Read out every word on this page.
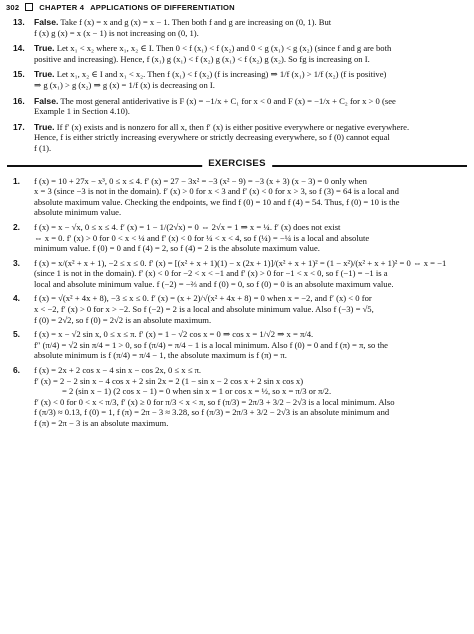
302	CHAPTER 4 APPLICATIONS OF DIFFERENTIATION
13.	False. Take f (x) = x and g (x) = x − 1. Then both f and g are increasing on (0, 1). But
f (x) g (x) = x (x − 1) is not increasing on (0, 1).
14.	True. Let x₁ < x₂ where x₁, x₂ ∈ I. Then 0 < f (x₁) < f (x₂) and 0 < g (x₁) < g (x₂) (since f and g are both
positive and increasing). Hence, f (x₁) g (x₁) < f (x₂) g (x₁) < f (x₂) g (x₂). So fg is increasing on I.
15.	True. Let x₁, x₂ ∈ I and x₁ < x₂. Then f (x₁) < f (x₂) (f is increasing) ⇒ 1/f (x₁) > 1/f (x₂) (f is positive)
⇒ g (x₁) > g (x₂) ⇒ g (x) = 1/f (x) is decreasing on I.
16.	False. The most general antiderivative is F (x) = −1/x + C₁ for x < 0 and F (x) = −1/x + C₂ for x > 0 (see
Example 1 in Section 4.10).
17.	True. If f′ (x) exists and is nonzero for all x, then f′ (x) is either positive everywhere or negative everywhere.
Hence, f is either strictly increasing everywhere or strictly decreasing everywhere, so f (0) cannot equal
f (1).
EXERCISES
1.	f (x) = 10 + 27x − x³, 0 ≤ x ≤ 4. f′ (x) = 27 − 3x² = −3 (x² − 9) = −3 (x + 3) (x − 3) = 0 only when
x = 3 (since −3 is not in the domain). f′ (x) > 0 for x < 3 and f′ (x) < 0 for x > 3, so f (3) = 64 is a local and
absolute maximum value. Checking the endpoints, we find f (0) = 10 and f (4) = 54. Thus, f (0) = 10 is the
absolute minimum value.
2.	f (x) = x − √x, 0 ≤ x ≤ 4. f′ (x) = 1 − 1/(2√x) = 0 ⇔ 2√x = 1 ⇒ x = ¼. f′ (x) does not exist
⇔ x = 0. f′ (x) > 0 for 0 < x < ¼ and f′ (x) < 0 for ¼ < x < 4, so f (¼) = −¼ is a local and absolute
minimum value. f (0) = 0 and f (4) = 2, so f (4) = 2 is the absolute maximum value.
3.	f (x) = x/(x² + x + 1), −2 ≤ x ≤ 0. f′ (x) = [(x² + x + 1)(1) − x (2x + 1)]/(x² + x + 1)² = (1 − x²)/(x² + x + 1)² = 0 ⇔ x = −1
(since 1 is not in the domain). f′ (x) < 0 for −2 < x < −1 and f′ (x) > 0 for −1 < x < 0, so f (−1) = −1 is a
local and absolute minimum value. f (−2) = −⅔ and f (0) = 0, so f (0) = 0 is an absolute maximum value.
4.	f (x) = √(x² + 4x + 8), −3 ≤ x ≤ 0. f′ (x) = (x + 2)/√(x² + 4x + 8) = 0 when x = −2, and f′ (x) < 0 for
x < −2, f′ (x) > 0 for x > −2. So f (−2) = 2 is a local and absolute minimum value. Also f (−3) = √5,
f (0) = 2√2, so f (0) = 2√2 is an absolute maximum.
5.	f (x) = x − √2 sin x, 0 ≤ x ≤ π. f′ (x) = 1 − √2 cos x = 0 ⇒ cos x = 1/√2 ⇒ x = π/4.
f″ (π/4) = √2 sin π/4 = 1 > 0, so f (π/4) = π/4 − 1 is a local minimum. Also f (0) = 0 and f (π) = π, so the
absolute minimum is f (π/4) = π/4 − 1, the absolute maximum is f (π) = π.
6.	f (x) = 2x + 2 cos x − 4 sin x − cos 2x, 0 ≤ x ≤ π.
f′ (x) = 2 − 2 sin x − 4 cos x + 2 sin 2x = 2 (1 − sin x − 2 cos x + 2 sin x cos x)
= 2 (sin x − 1) (2 cos x − 1) = 0 when sin x = 1 or cos x = ½, so x = π/3 or π/2.
f′ (x) < 0 for 0 < x < π/3, f′ (x) ≥ 0 for π/3 < x < π, so f (π/3) = 2π/3 + 3/2 − 2√3 is a local minimum. Also
f (π/3) ≈ 0.13, f (0) = 1, f (π) = 2π − 3 ≈ 3.28, so f (π/3) = 2π/3 + 3/2 − 2√3 is an absolute minimum and
f (π) = 2π − 3 is an absolute maximum.
